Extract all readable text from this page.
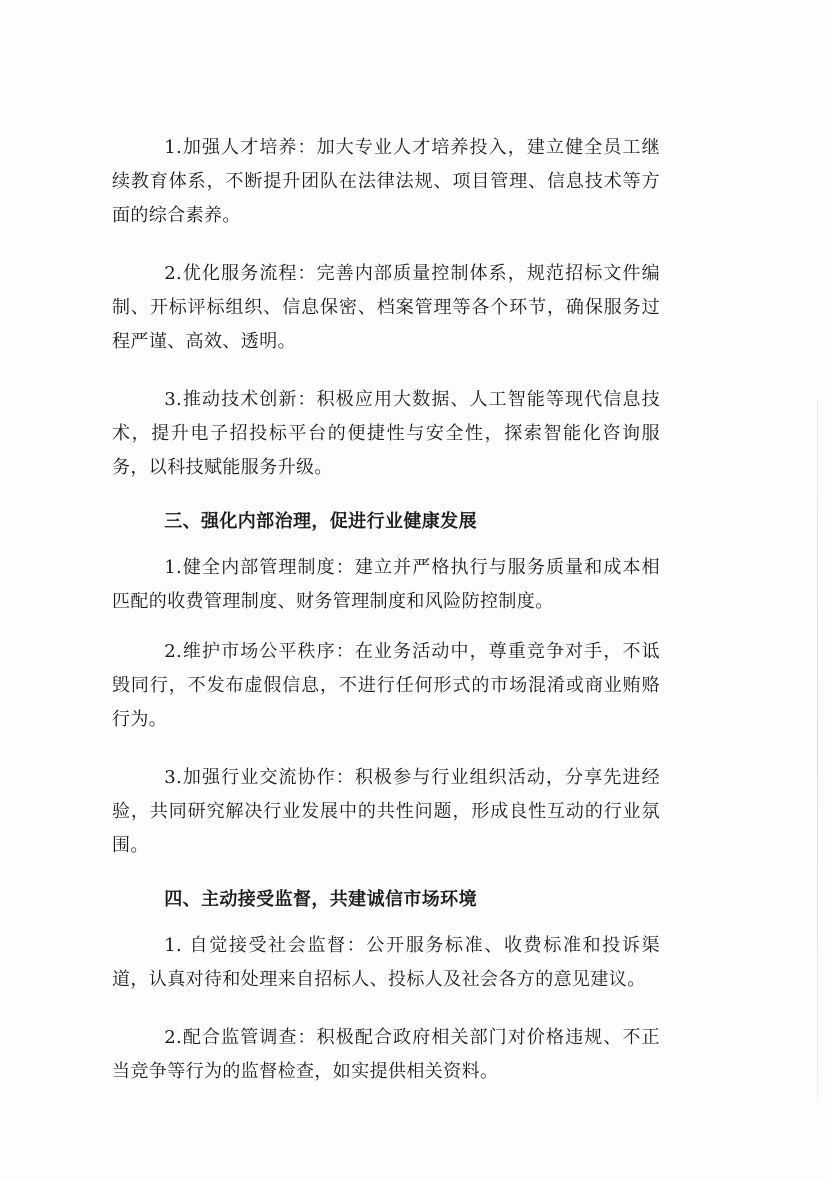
1.加强人才培养：加大专业人才培养投入，建立健全员工继续教育体系，不断提升团队在法律法规、项目管理、信息技术等方面的综合素养。

2.优化服务流程：完善内部质量控制体系，规范招标文件编制、开标评标组织、信息保密、档案管理等各个环节，确保服务过程严谨、高效、透明。

3.推动技术创新：积极应用大数据、人工智能等现代信息技术，提升电子招投标平台的便捷性与安全性，探索智能化咨询服务，以科技赋能服务升级。

三、强化内部治理，促进行业健康发展

1.健全内部管理制度：建立并严格执行与服务质量和成本相匹配的收费管理制度、财务管理制度和风险防控制度。

2.维护市场公平秩序：在业务活动中，尊重竞争对手，不诋毁同行，不发布虚假信息，不进行任何形式的市场混淆或商业贿赂行为。

3.加强行业交流协作：积极参与行业组织活动，分享先进经验，共同研究解决行业发展中的共性问题，形成良性互动的行业氛围。

四、主动接受监督，共建诚信市场环境

1. 自觉接受社会监督：公开服务标准、收费标准和投诉渠道，认真对待和处理来自招标人、投标人及社会各方的意见建议。

2.配合监管调查：积极配合政府相关部门对价格违规、不正当竞争等行为的监督检查，如实提供相关资料。
